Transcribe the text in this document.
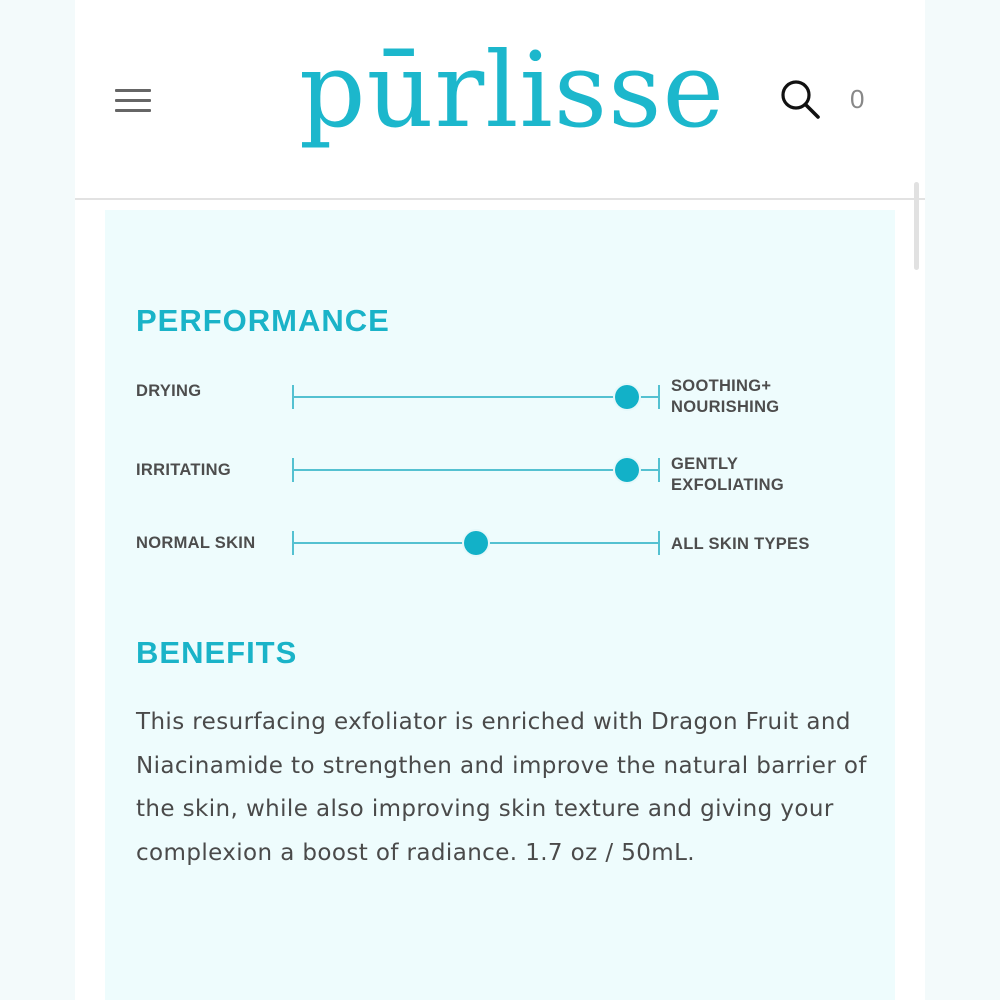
pūrlisse	0
PERFORMANCE
DRYING	SOOTHING+
NOURISHING
IRRITATING	GENTLY
EXFOLIATING
NORMAL SKIN	ALL SKIN TYPES
BENEFITS

This resurfacing exfoliator is enriched with Dragon Fruit and Niacinamide to strengthen and improve the natural barrier of the skin, while also improving skin texture and giving your complexion a boost of radiance. 1.7 oz / 50mL.
